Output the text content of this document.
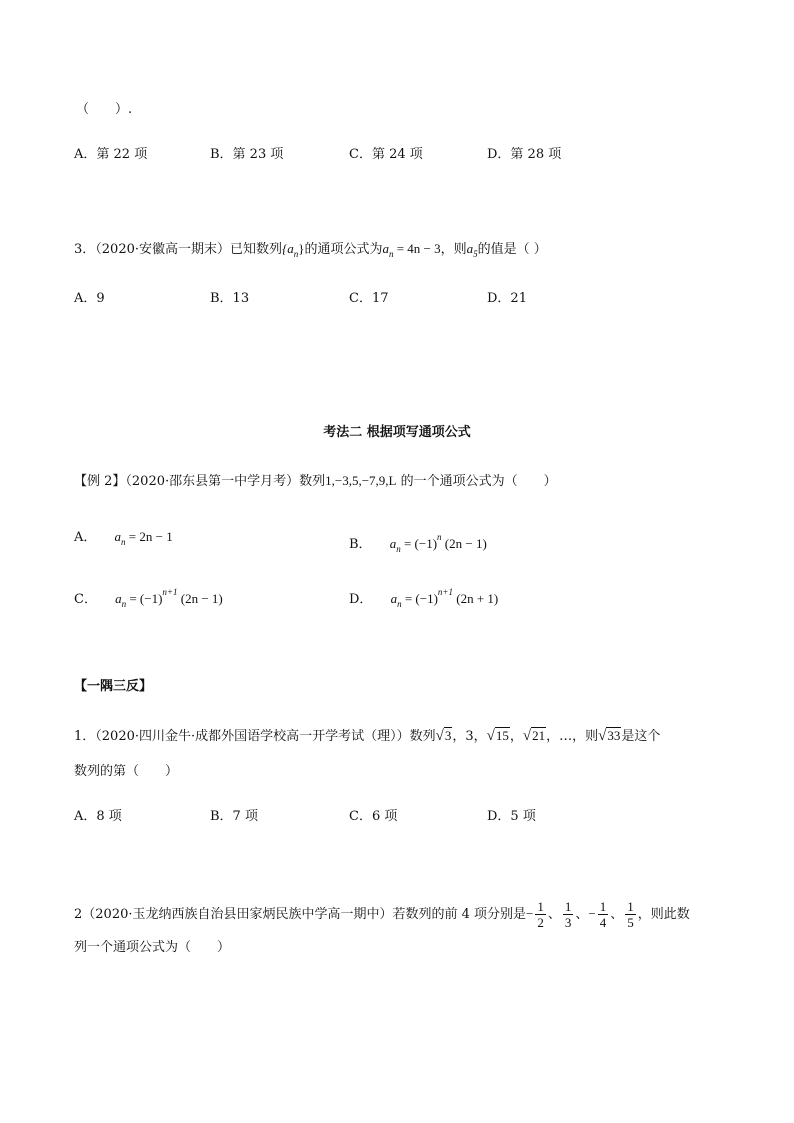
（　　）.
A．第 22 项	B．第 23 项	C．第 24 项	D．第 28 项
3．（2020·安徽高一期末）已知数列$\{a_n\}$的通项公式为$a_n = 4n - 3$，则$a_5$的值是（ ）
A．9	B．13	C．17	D．21
考法二 根据项写通项公式
【例 2】（2020·邵东县第一中学月考）数列1,−3,5,−7,9,L 的一个通项公式为（　　）
A． $a_n = 2n - 1$
B． $a_n = (-1)^n$ (2n − 1)
C． $a_n = (-1)^{n+1}$ (2n − 1)	D． $a_n = (-1)^{n+1}$ (2n + 1)
【一隅三反】
1．（2020·四川金牛·成都外国语学校高一开学考试（理））数列√3，3，√15，√21，…，则√33是这个
数列的第（　　）
A．8 项	B．7 项	C．6 项	D．5 项
2（2020·玉龙纳西族自治县田家炳民族中学高一期中）若数列的前 4 项分别是− $\frac{1}{2}$ 、 $\frac{1}{3}$ 、− $\frac{1}{4}$ 、 $\frac{1}{5}$ ，则此数
列一个通项公式为（　　）
